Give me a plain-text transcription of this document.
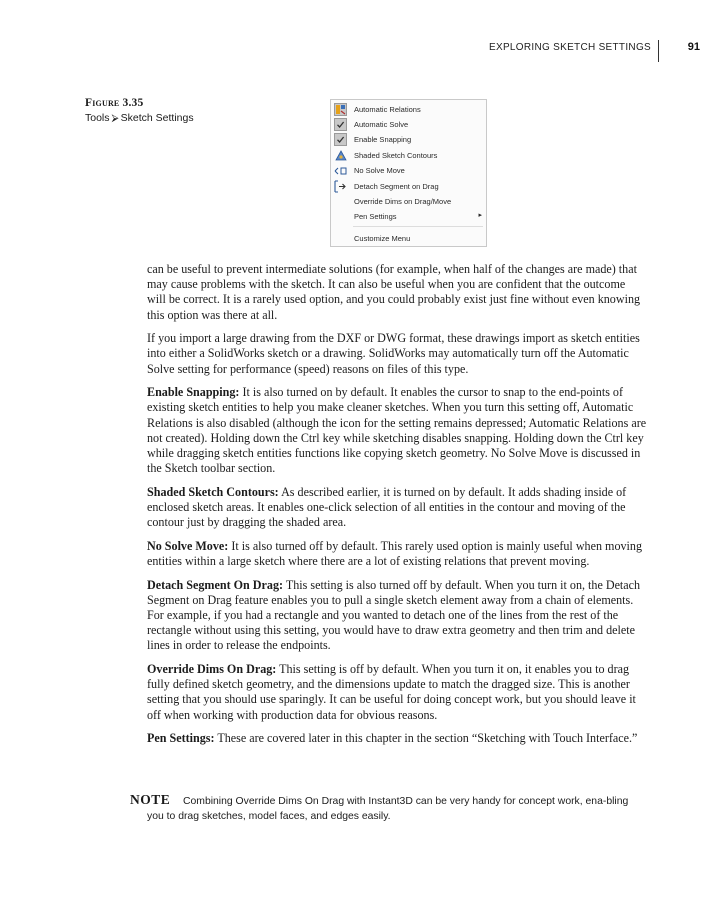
EXPLORING SKETCH SETTINGS	91
Figure 3.35
Tools ⮚ Sketch Settings
Automatic Relations
Automatic Solve
Enable Snapping
Shaded Sketch Contours
No Solve Move
Detach Segment on Drag
Override Dims on Drag/Move
Pen Settings	▸
Customize Menu

can be useful to prevent intermediate solutions (for example, when half of the changes are made) that may cause problems with the sketch. It can also be useful when you are confident that the outcome will be correct. It is a rarely used option, and you could probably exist just fine without even knowing this option was there at all.

If you import a large drawing from the DXF or DWG format, these drawings import as sketch entities into either a SolidWorks sketch or a drawing. SolidWorks may automatically turn off the Automatic Solve setting for performance (speed) reasons on files of this type.

Enable Snapping: It is also turned on by default. It enables the cursor to snap to the end-points of existing sketch entities to help you make cleaner sketches. When you turn this setting off, Automatic Relations is also disabled (although the icon for the setting remains depressed; Automatic Relations are not created). Holding down the Ctrl key while sketching disables snapping. Holding down the Ctrl key while dragging sketch entities functions like copying sketch geometry. No Solve Move is discussed in the Sketch toolbar section.

Shaded Sketch Contours: As described earlier, it is turned on by default. It adds shading inside of enclosed sketch areas. It enables one-click selection of all entities in the contour and moving of the contour just by dragging the shaded area.

No Solve Move: It is also turned off by default. This rarely used option is mainly useful when moving entities within a large sketch where there are a lot of existing relations that prevent moving.

Detach Segment On Drag: This setting is also turned off by default. When you turn it on, the Detach Segment on Drag feature enables you to pull a single sketch element away from a chain of elements. For example, if you had a rectangle and you wanted to detach one of the lines from the rest of the rectangle without using this setting, you would have to draw extra geometry and then trim and delete lines in order to release the endpoints.

Override Dims On Drag: This setting is off by default. When you turn it on, it enables you to drag fully defined sketch geometry, and the dimensions update to match the dragged size. This is another setting that you should use sparingly. It can be useful for doing concept work, but you should leave it off when working with production data for obvious reasons.

Pen Settings: These are covered later in this chapter in the section “Sketching with Touch Interface.”

NOTE	Combining Override Dims On Drag with Instant3D can be very handy for concept work, ena-bling you to drag sketches, model faces, and edges easily.
